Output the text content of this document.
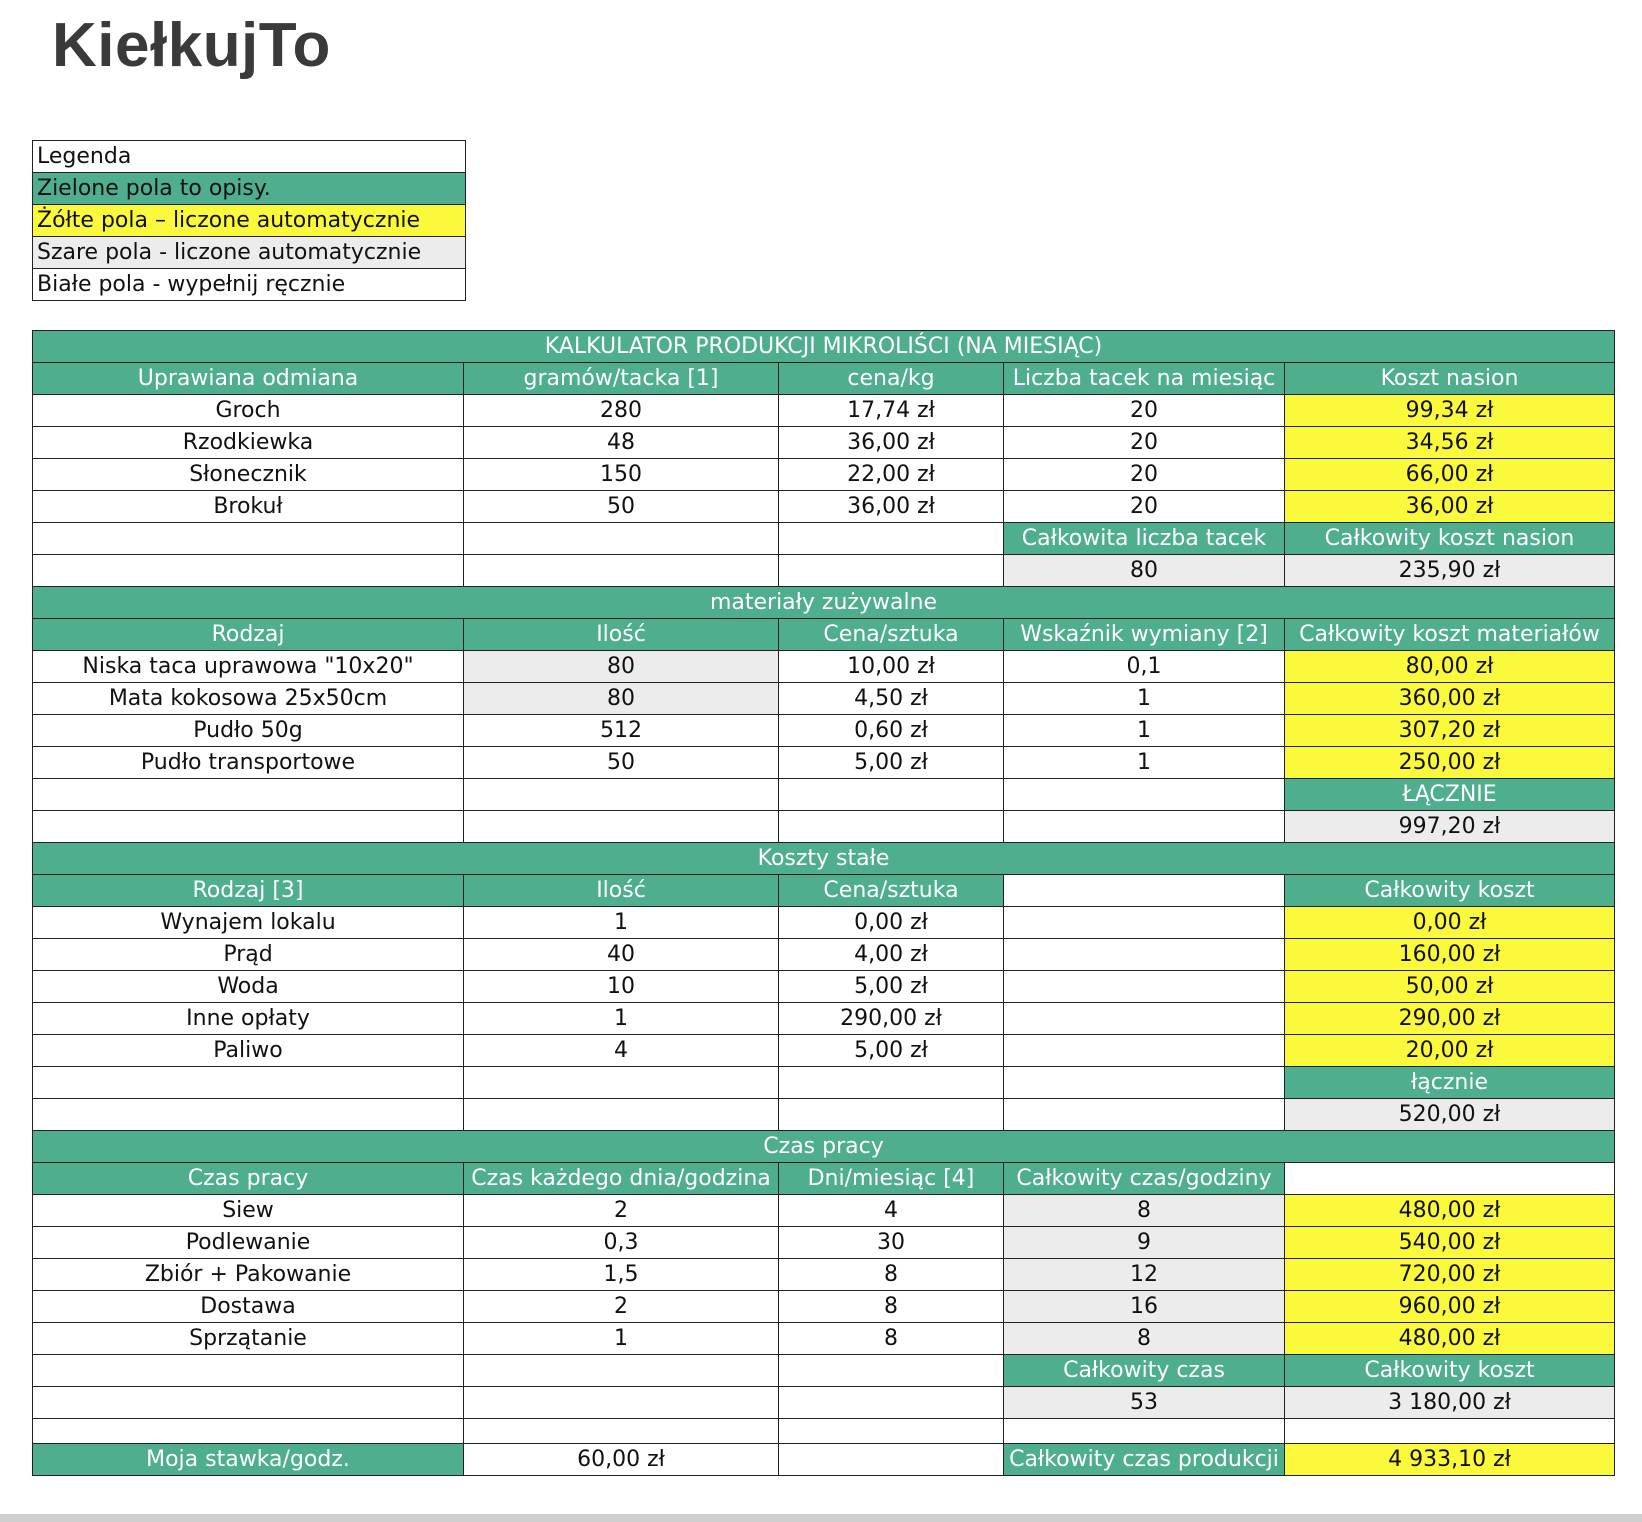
KiełkujTo
Legenda
Zielone pola to opisy.
Żółte pola – liczone automatycznie
Szare pola - liczone automatycznie
Białe pola - wypełnij ręcznie
KALKULATOR PRODUKCJI MIKROLIŚCI (NA MIESIĄC)				
Uprawiana odmiana	gramów/tacka [1]	cena/kg	Liczba tacek na miesiąc	Koszt nasion
Groch	280	17,74 zł	20	99,34 zł
Rzodkiewka	48	36,00 zł	20	34,56 zł
Słonecznik	150	22,00 zł	20	66,00 zł
Brokuł	50	36,00 zł	20	36,00 zł
			Całkowita liczba tacek	Całkowity koszt nasion
			80	235,90 zł
materiały zużywalne				
Rodzaj	Ilość	Cena/sztuka	Wskaźnik wymiany [2]	Całkowity koszt materiałów
Niska taca uprawowa "10x20"	80	10,00 zł	0,1	80,00 zł
Mata kokosowa 25x50cm	80	4,50 zł	1	360,00 zł
Pudło 50g	512	0,60 zł	1	307,20 zł
Pudło transportowe	50	5,00 zł	1	250,00 zł
				ŁĄCZNIE
				997,20 zł
Koszty stałe				
Rodzaj [3]	Ilość	Cena/sztuka		Całkowity koszt
Wynajem lokalu	1	0,00 zł		0,00 zł
Prąd	40	4,00 zł		160,00 zł
Woda	10	5,00 zł		50,00 zł
Inne opłaty	1	290,00 zł		290,00 zł
Paliwo	4	5,00 zł		20,00 zł
				łącznie
				520,00 zł
Czas pracy				
Czas pracy	Czas każdego dnia/godzina	Dni/miesiąc [4]	Całkowity czas/godziny	
Siew	2	4	8	480,00 zł
Podlewanie	0,3	30	9	540,00 zł
Zbiór + Pakowanie	1,5	8	12	720,00 zł
Dostawa	2	8	16	960,00 zł
Sprzątanie	1	8	8	480,00 zł
			Całkowity czas	Całkowity koszt
			53	3 180,00 zł

Moja stawka/godz.	60,00 zł		Całkowity czas produkcji	4 933,10 zł
